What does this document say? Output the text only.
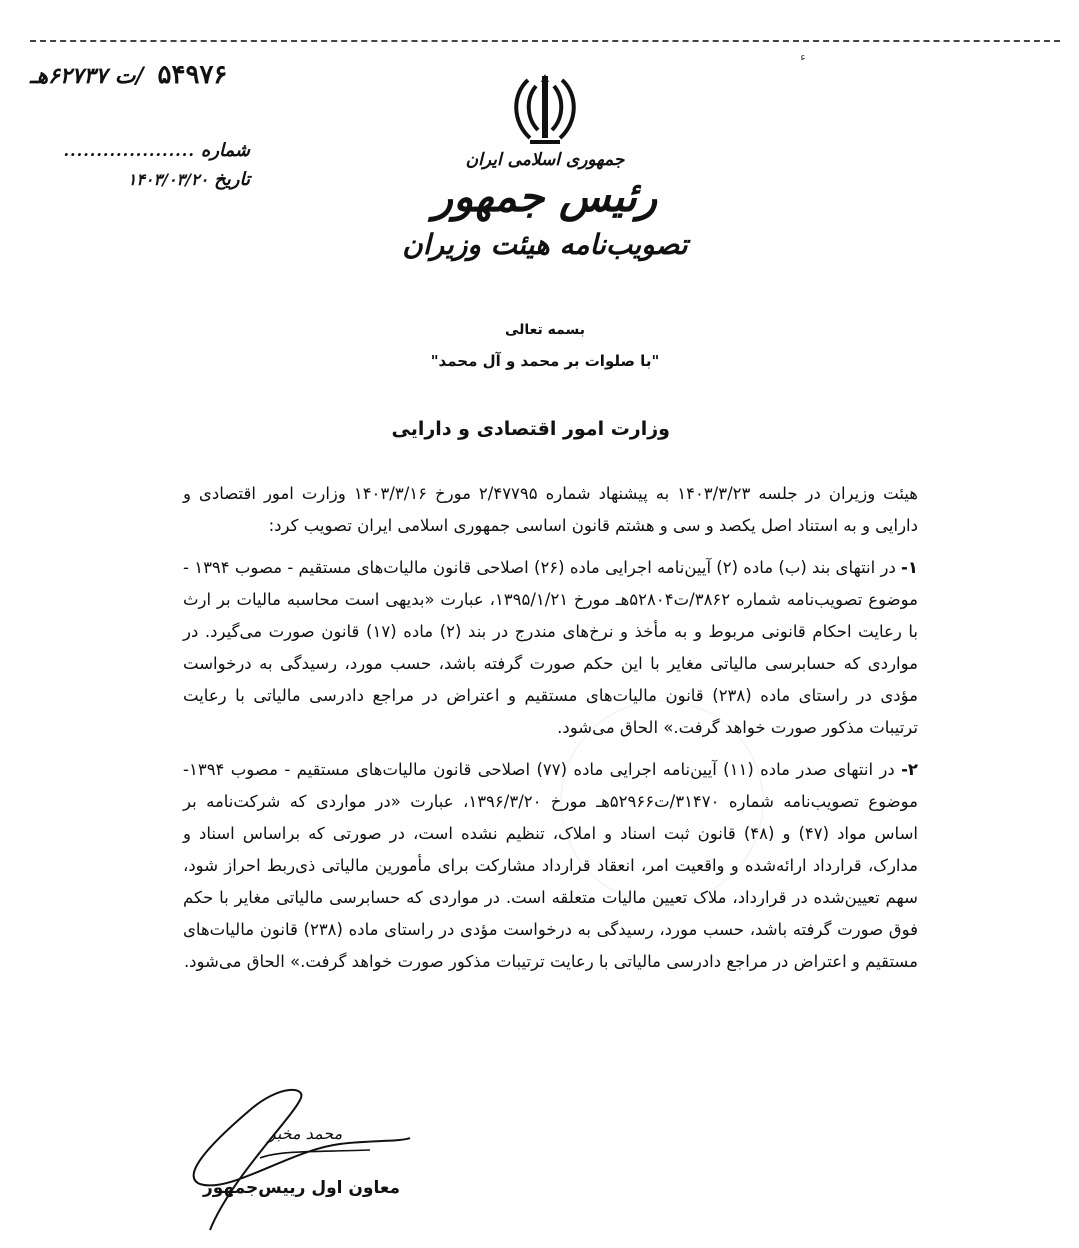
ء
۵۴۹۷۶
/ت ۶۲۷۳۷هـ
شماره
....................
تاریخ
۱۴۰۳/۰۳/۲۰
جمهوری اسلامی ایران
رئیس جمهور
تصویب‌نامه هیئت وزیران
بسمه تعالی
"با صلوات بر محمد و آل محمد"
وزارت امور اقتصادی و دارایی

هیئت وزیران در جلسه ۱۴۰۳/۳/۲۳ به پیشنهاد شماره ۲/۴۷۷۹۵ مورخ ۱۴۰۳/۳/۱۶ وزارت امور اقتصادی و دارایی و به استناد اصل یکصد و سی و هشتم قانون اساسی جمهوری اسلامی ایران تصویب کرد:

۱- در انتهای بند (ب) ماده (۲) آیین‌نامه اجرایی ماده (۲۶) اصلاحی قانون مالیات‌های مستقیم - مصوب ۱۳۹۴ - موضوع تصویب‌نامه شماره ۳۸۶۲/ت۵۲۸۰۴هـ مورخ ۱۳۹۵/۱/۲۱، عبارت «بدیهی است محاسبه مالیات بر ارث با رعایت احکام قانونی مربوط و به مأخذ و نرخ‌های مندرج در بند (۲) ماده (۱۷) قانون صورت می‌گیرد. در مواردی که حسابرسی مالیاتی مغایر با این حکم صورت گرفته باشد، حسب مورد، رسیدگی به درخواست مؤدی در راستای ماده (۲۳۸) قانون مالیات‌های مستقیم و اعتراض در مراجع دادرسی مالیاتی با رعایت ترتیبات مذکور صورت خواهد گرفت.» الحاق می‌شود.

۲- در انتهای صدر ماده (۱۱) آیین‌نامه اجرایی ماده (۷۷) اصلاحی قانون مالیات‌های مستقیم - مصوب ۱۳۹۴- موضوع تصویب‌نامه شماره ۳۱۴۷۰/ت۵۲۹۶۶هـ مورخ ۱۳۹۶/۳/۲۰، عبارت «در مواردی که شرکت‌نامه بر اساس مواد (۴۷) و (۴۸) قانون ثبت اسناد و املاک، تنظیم نشده است، در صورتی که براساس اسناد و مدارک، قرارداد ارائه‌شده و واقعیت امر، انعقاد قرارداد مشارکت برای مأمورین مالیاتی ذی‌ربط احراز شود، سهم تعیین‌شده در قرارداد، ملاک تعیین مالیات متعلقه است. در مواردی که حسابرسی مالیاتی مغایر با حکم فوق صورت گرفته باشد، حسب مورد، رسیدگی به درخواست مؤدی در راستای ماده (۲۳۸) قانون مالیات‌های مستقیم و اعتراض در مراجع دادرسی مالیاتی با رعایت ترتیبات مذکور صورت خواهد گرفت.» الحاق می‌شود.

محمد مخبر
معاون اول رییس‌جمهور
